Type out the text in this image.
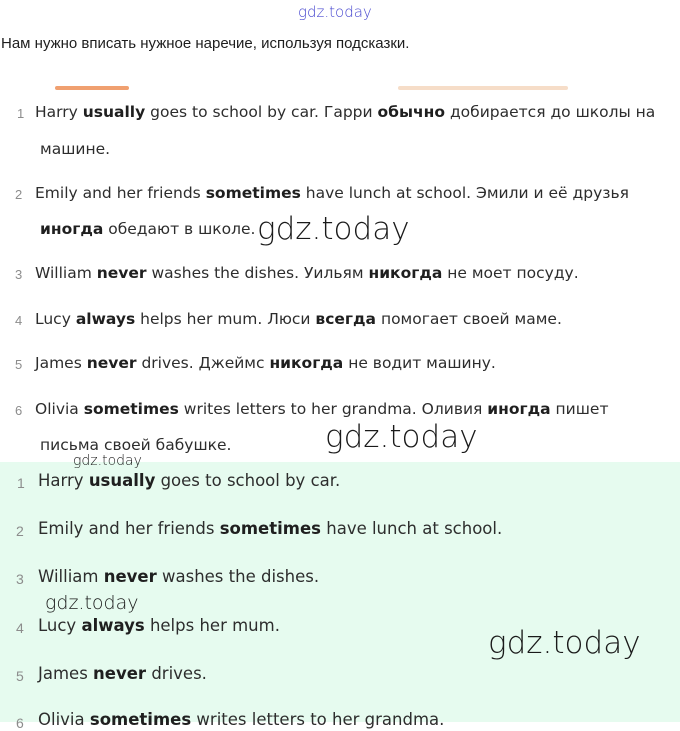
gdz.today
Нам нужно вписать нужное наречие, используя подсказки.
1 Harry usually goes to school by car. Гарри обычно добирается до школы на
машине.
2 Emily and her friends sometimes have lunch at school. Эмили и её друзья
иногда обедают в школе.
3 William never washes the dishes. Уильям никогда не моет посуду.
4 Lucy always helps her mum. Люси всегда помогает своей маме.
5 James never drives. Джеймс никогда не водит машину.
6 Olivia sometimes writes letters to her grandma. Оливия иногда пишет
письма своей бабушке.
1 Harry usually goes to school by car.
2 Emily and her friends sometimes have lunch at school.
3 William never washes the dishes.
4 Lucy always helps her mum.
5 James never drives.
6 Olivia sometimes writes letters to her grandma.
gdz.today
gdz.today
gdz.today
gdz.today
gdz.today
